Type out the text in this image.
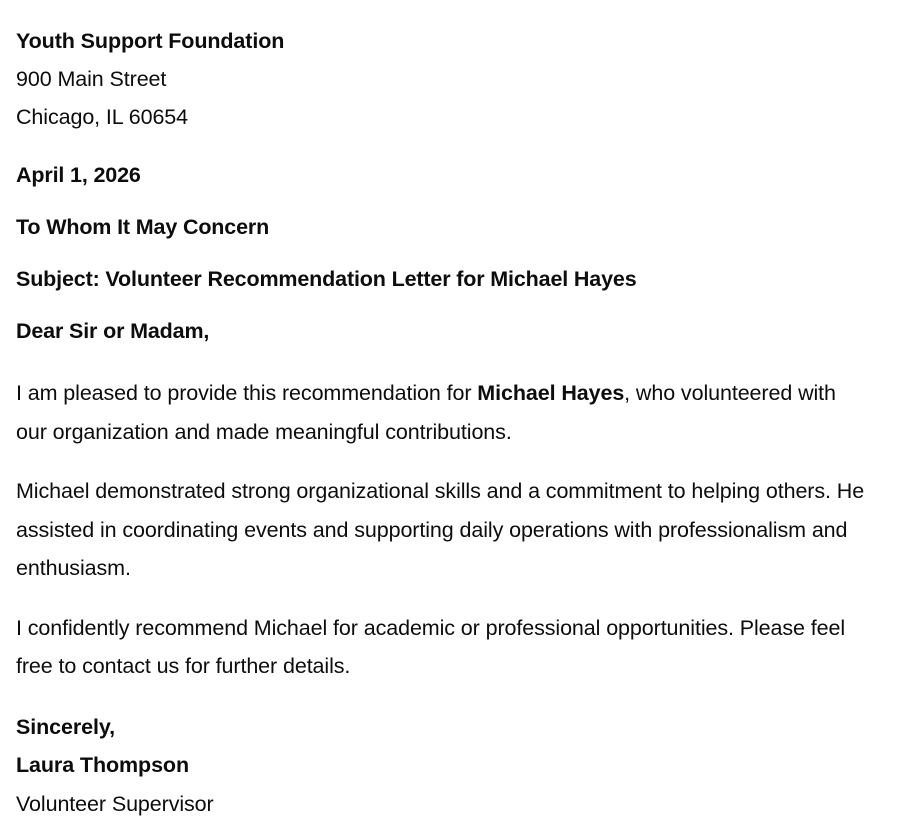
Youth Support Foundation
900 Main Street
Chicago, IL 60654
April 1, 2026
To Whom It May Concern
Subject: Volunteer Recommendation Letter for Michael Hayes
Dear Sir or Madam,

I am pleased to provide this recommendation for Michael Hayes, who volunteered with our organization and made meaningful contributions.

Michael demonstrated strong organizational skills and a commitment to helping others. He assisted in coordinating events and supporting daily operations with professionalism and enthusiasm.

I confidently recommend Michael for academic or professional opportunities. Please feel free to contact us for further details.

Sincerely,
Laura Thompson
Volunteer Supervisor
